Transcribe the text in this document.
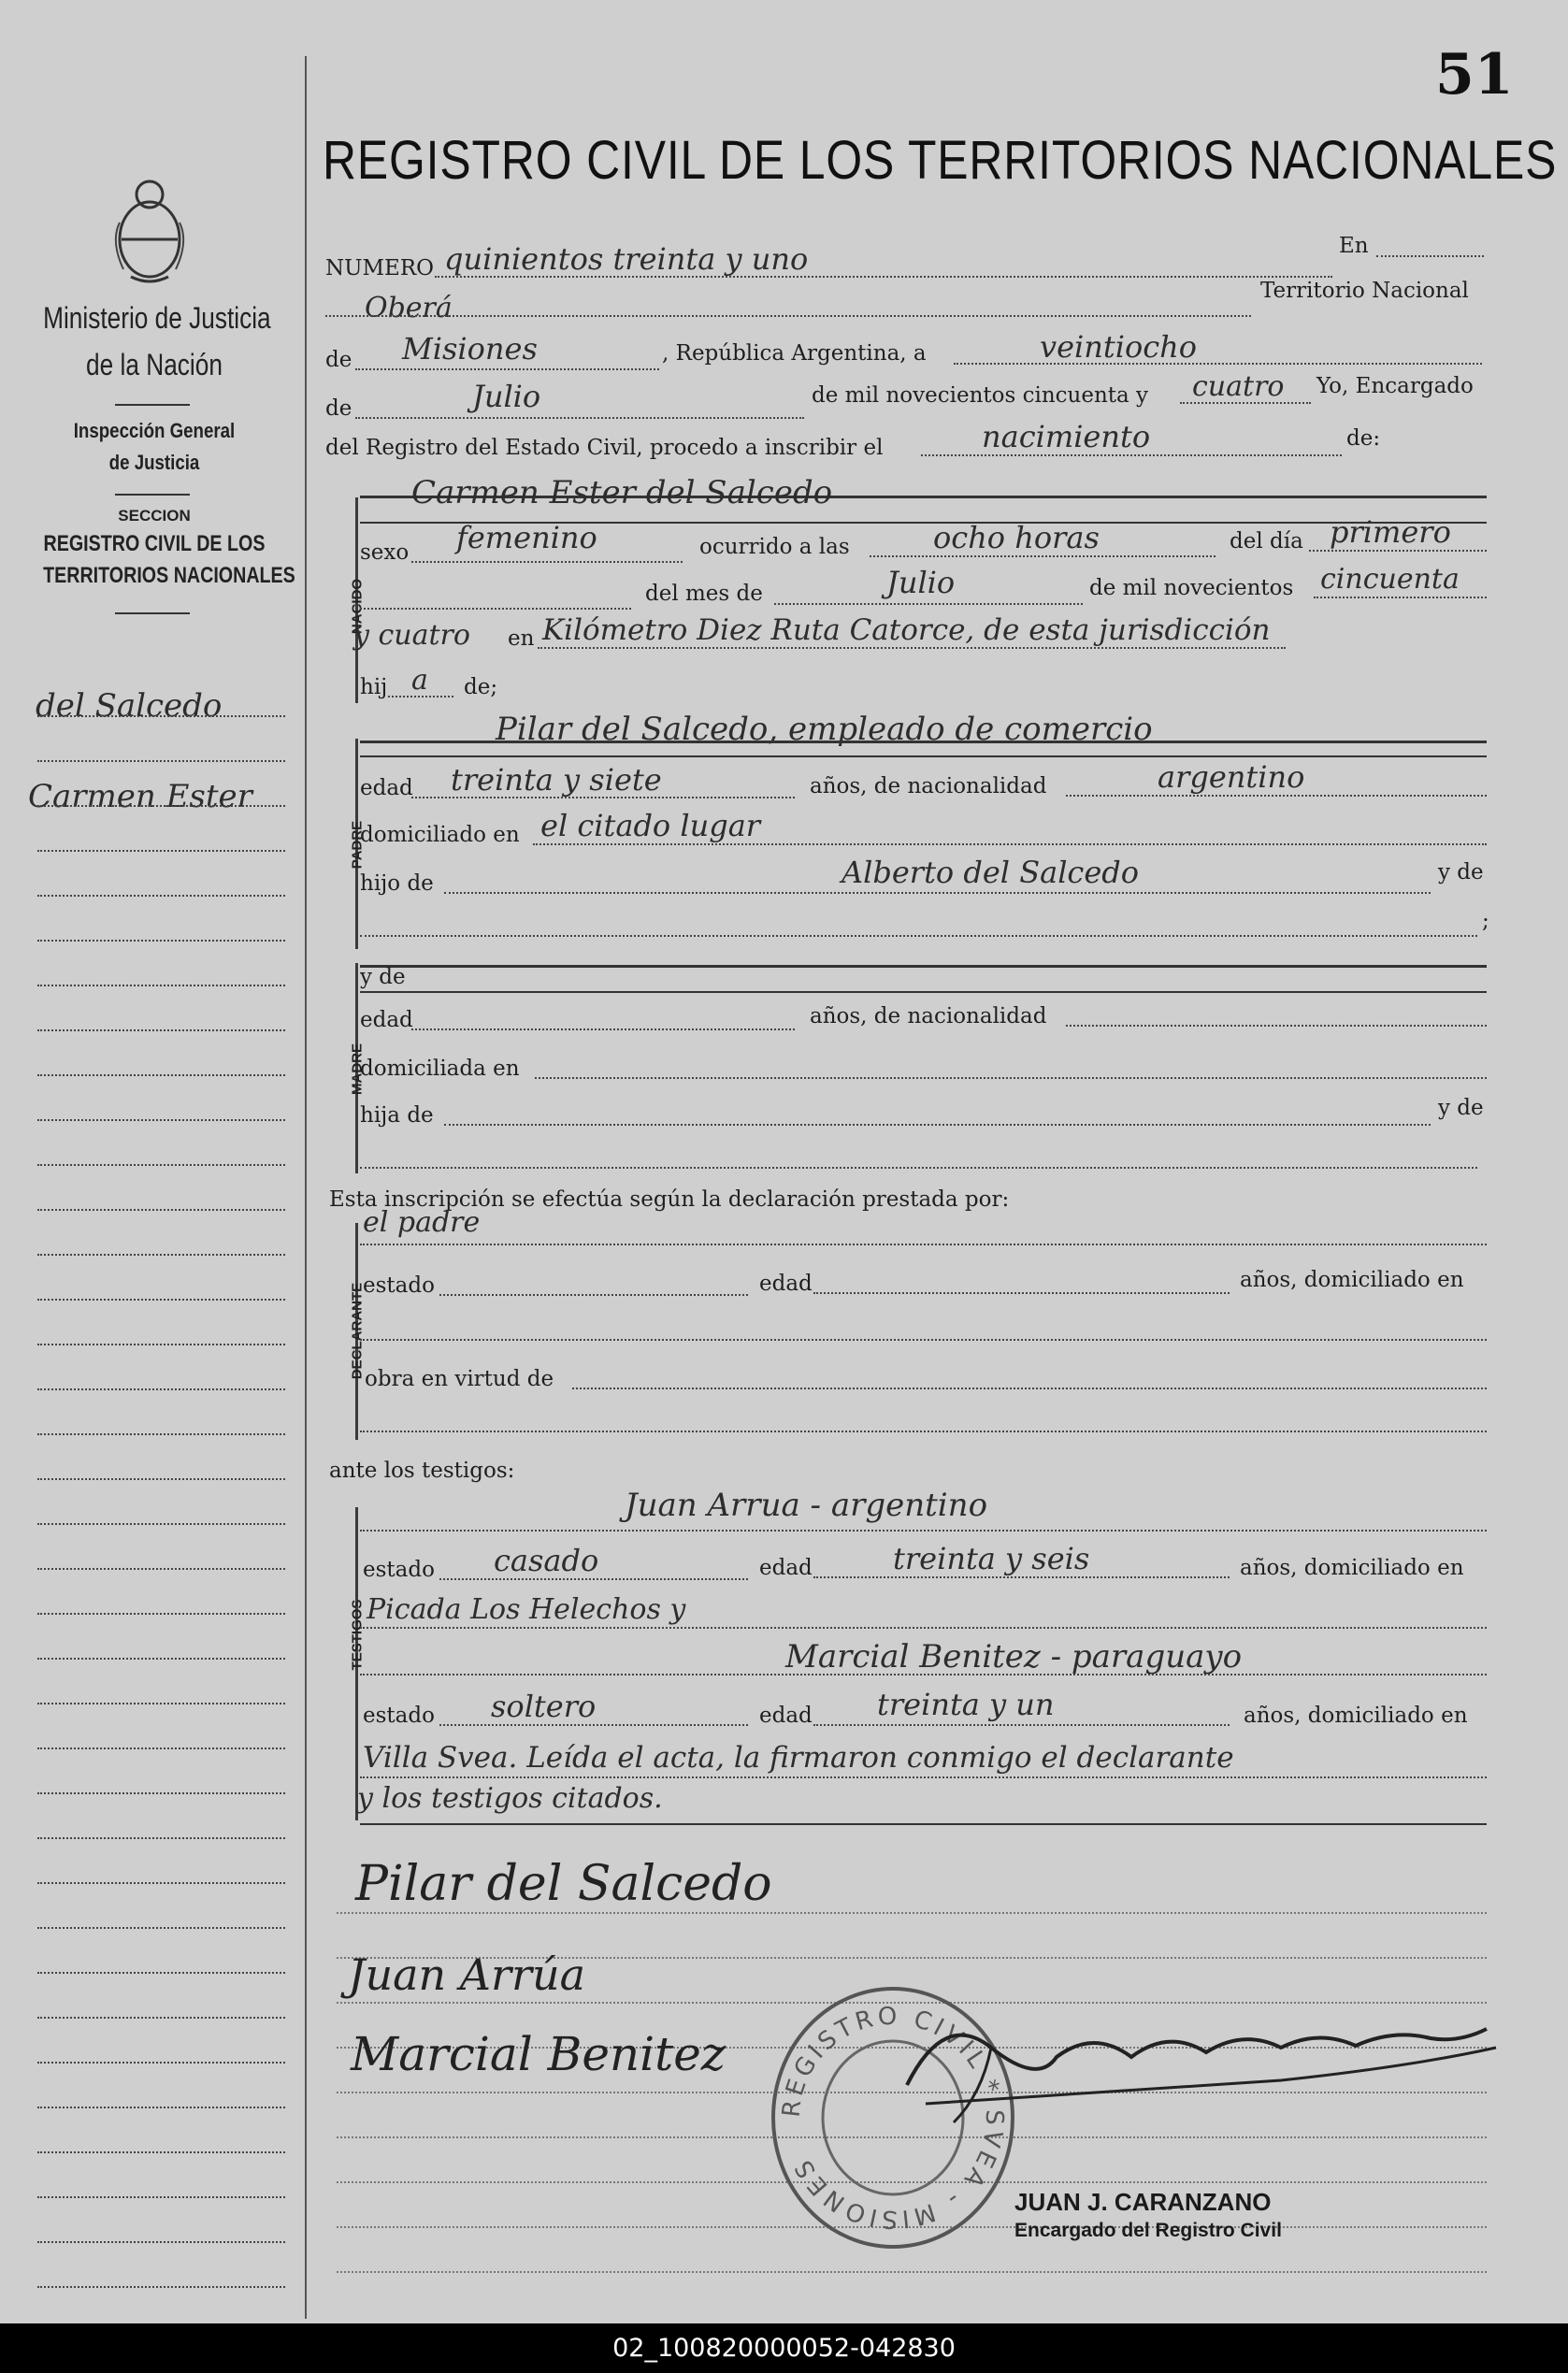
51
REGISTRO CIVIL DE LOS TERRITORIOS NACIONALES
Ministerio de Justicia
de la Nación
Inspección General
de Justicia
SECCION
REGISTRO CIVIL DE LOS
TERRITORIOS NACIONALES
del Salcedo
Carmen Ester
NUMERO quinientos treinta y uno	En
Oberá
Territorio Nacional
de Misiones	, República Argentina, a	veintiocho
de	Julio	de mil novecientos cincuenta y cuatro Yo, Encargado
del Registro del Estado Civil, procedo a inscribir el	nacimiento	de:
NACIDO
Carmen Ester del Salcedo
sexo femenino	ocurrido a las	ocho horas	del día primero
del mes de	Julio	de mil novecientos cincuenta
y cuatro en Kilómetro Diez Ruta Catorce, de esta jurisdicción
hij a de;
PADRE
Pilar del Salcedo, empleado de comercio
edad treinta y siete	años, de nacionalidad	argentino
domiciliado en el citado lugar
hijo de	Alberto del Salcedo	y de
;
MADRE
y de
edad	años, de nacionalidad
domiciliada en
hija de	y de
Esta inscripción se efectúa según la declaración prestada por:
DECLARANTE
el padre
estado	edad	años, domiciliado en
obra en virtud de
ante los testigos:
TESTIGOS
Juan Arrua - argentino
estado casado	edad	treinta y seis	años, domiciliado en
Picada Los Helechos y
Marcial Benitez - paraguayo
estado soltero	edad treinta y un	años, domiciliado en
Villa Svea. Leída el acta, la firmaron conmigo el declarante
y los testigos citados.
Pilar del Salcedo
Juan Arrúa
Marcial Benitez
REGISTRO CIVIL * SVEA - MISIONES
JUAN J. CARANZANO
Encargado del Registro Civil
02_100820000052-042830
